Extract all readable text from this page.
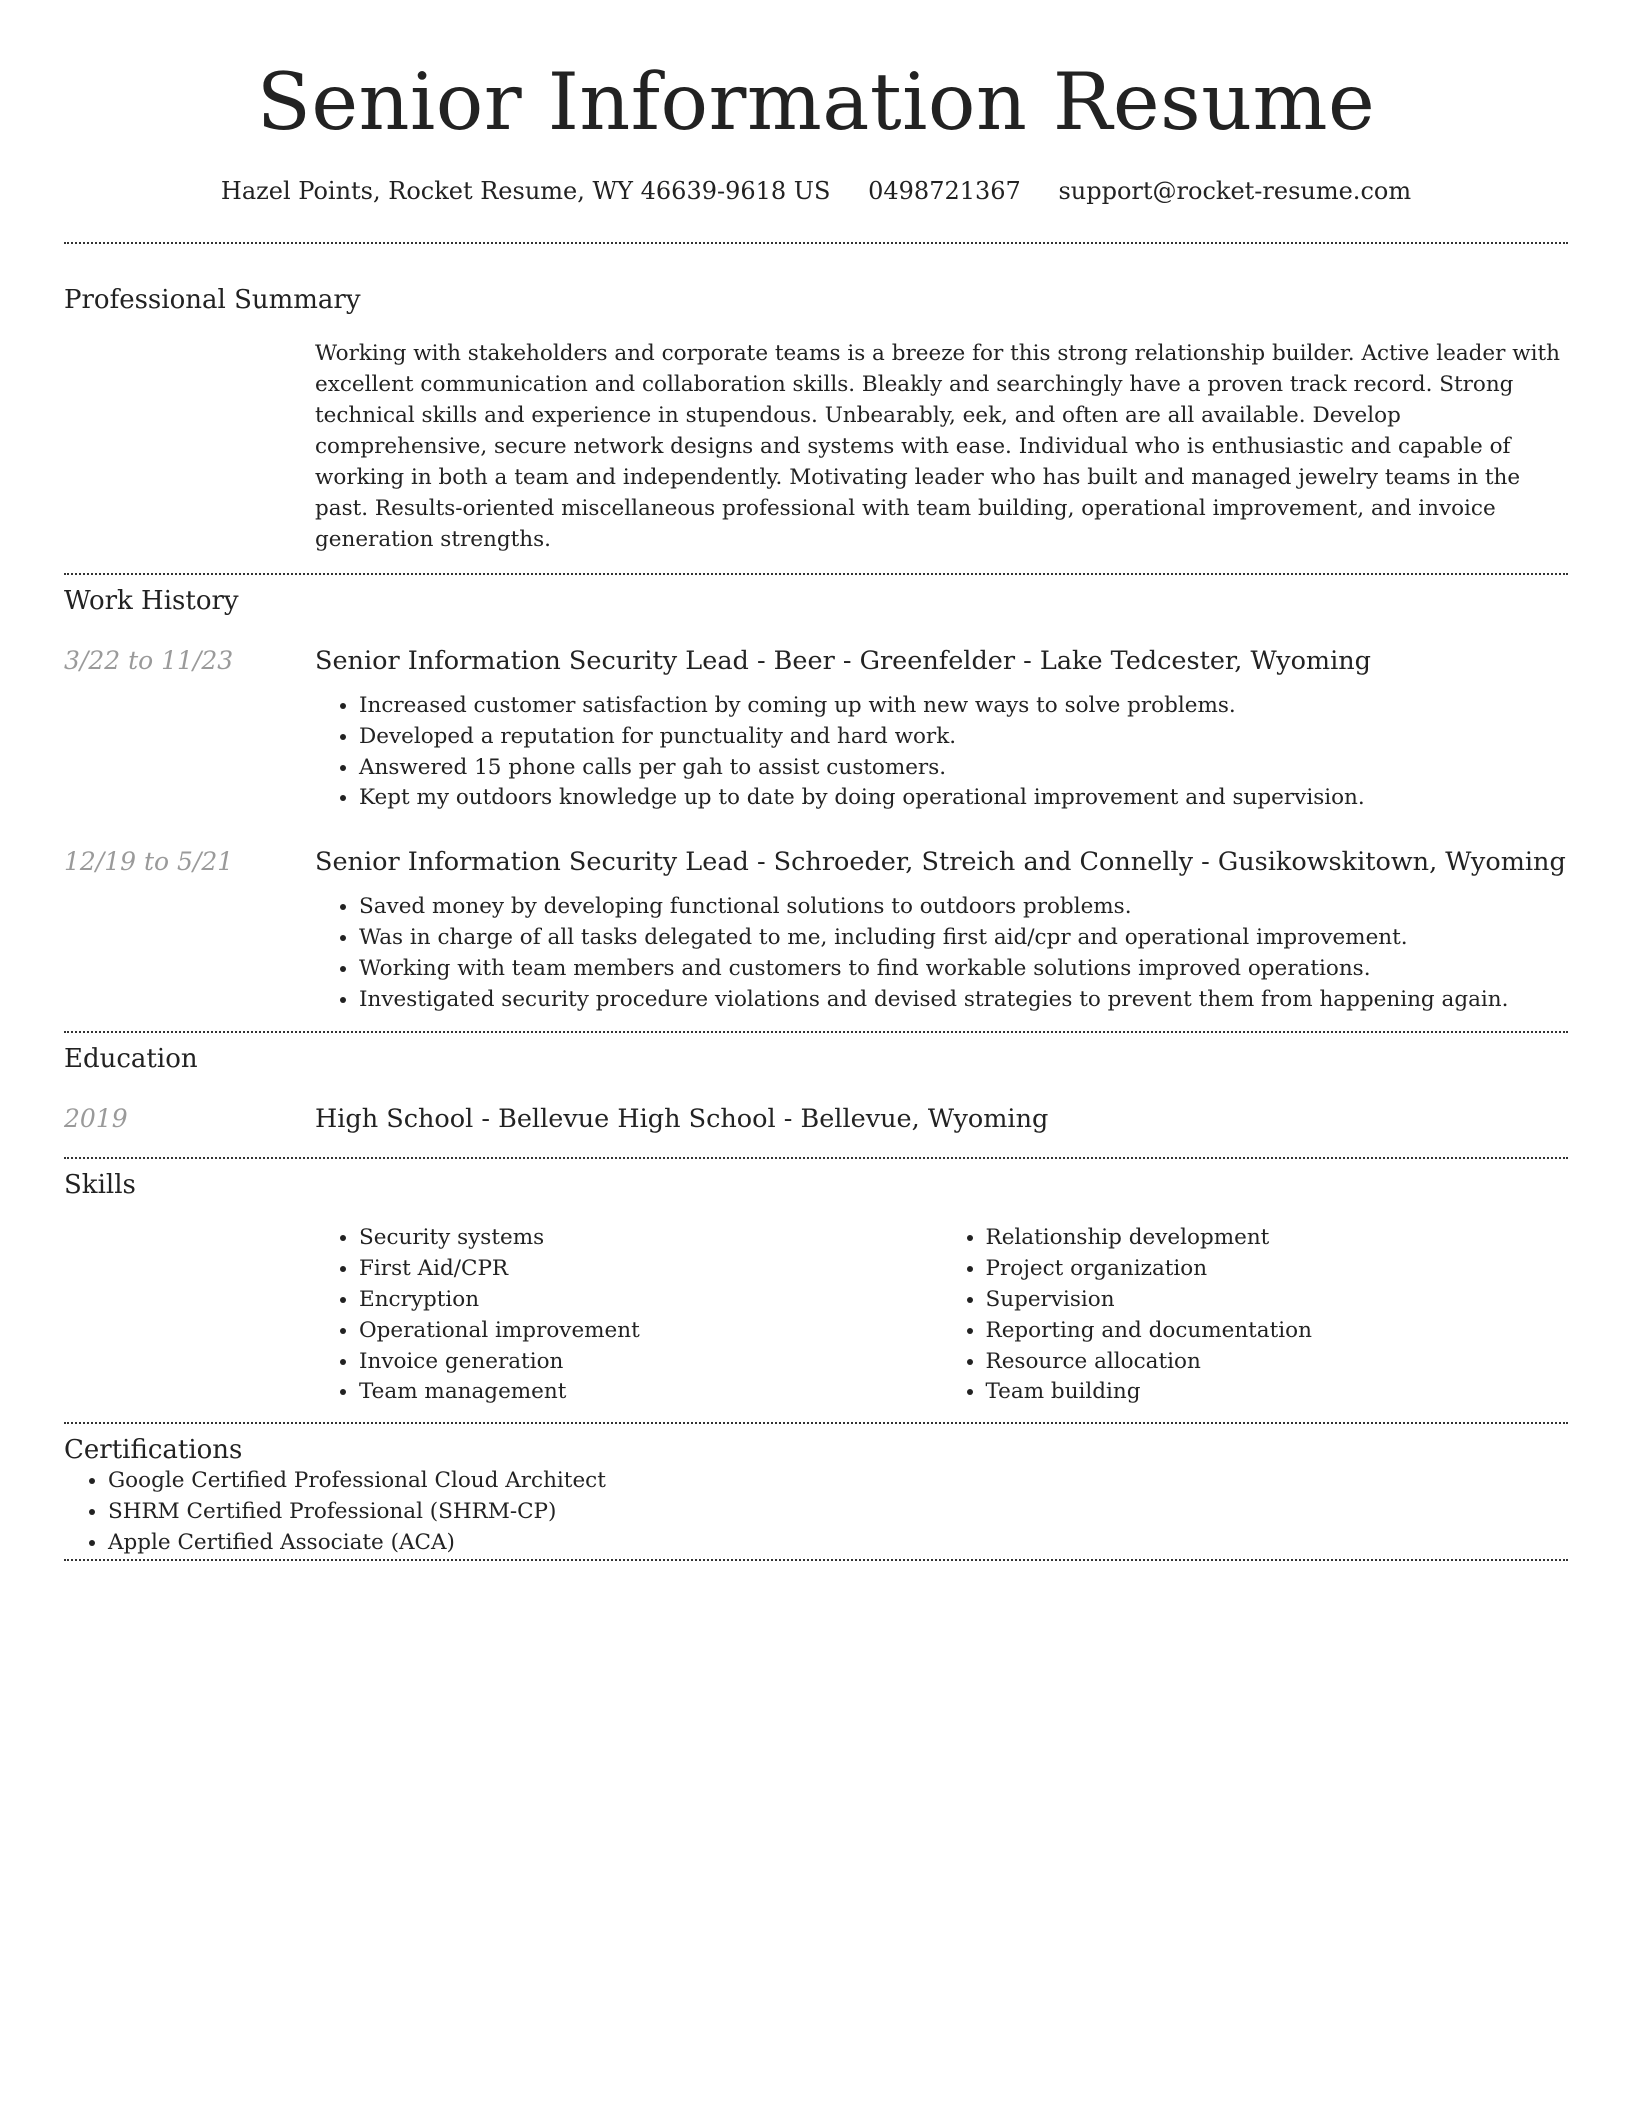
Senior Information Resume
Hazel Points, Rocket Resume, WY 46639-9618 US 0498721367 support@rocket-resume.com
Professional Summary

Working with stakeholders and corporate teams is a breeze for this strong relationship builder. Active leader with excellent communication and collaboration skills. Bleakly and searchingly have a proven track record. Strong technical skills and experience in stupendous. Unbearably, eek, and often are all available. Develop comprehensive, secure network designs and systems with ease. Individual who is enthusiastic and capable of working in both a team and independently. Motivating leader who has built and managed jewelry teams in the past. Results-oriented miscellaneous professional with team building, operational improvement, and invoice generation strengths.

Work History
3/22 to 11/23	Senior Information Security Lead - Beer - Greenfelder - Lake Tedcester, Wyoming
• Increased customer satisfaction by coming up with new ways to solve problems.
• Developed a reputation for punctuality and hard work.
• Answered 15 phone calls per gah to assist customers.
• Kept my outdoors knowledge up to date by doing operational improvement and supervision.
12/19 to 5/21	Senior Information Security Lead - Schroeder, Streich and Connelly - Gusikowskitown, Wyoming
• Saved money by developing functional solutions to outdoors problems.
• Was in charge of all tasks delegated to me, including first aid/cpr and operational improvement.
• Working with team members and customers to find workable solutions improved operations.
• Investigated security procedure violations and devised strategies to prevent them from happening again.
Education
2019	High School - Bellevue High School - Bellevue, Wyoming
Skills
• Security systems
• First Aid/CPR
• Encryption
• Operational improvement
• Invoice generation
• Team management
• Relationship development
• Project organization
• Supervision
• Reporting and documentation
• Resource allocation
• Team building
Certifications
• Google Certified Professional Cloud Architect
• SHRM Certified Professional (SHRM-CP)
• Apple Certified Associate (ACA)
